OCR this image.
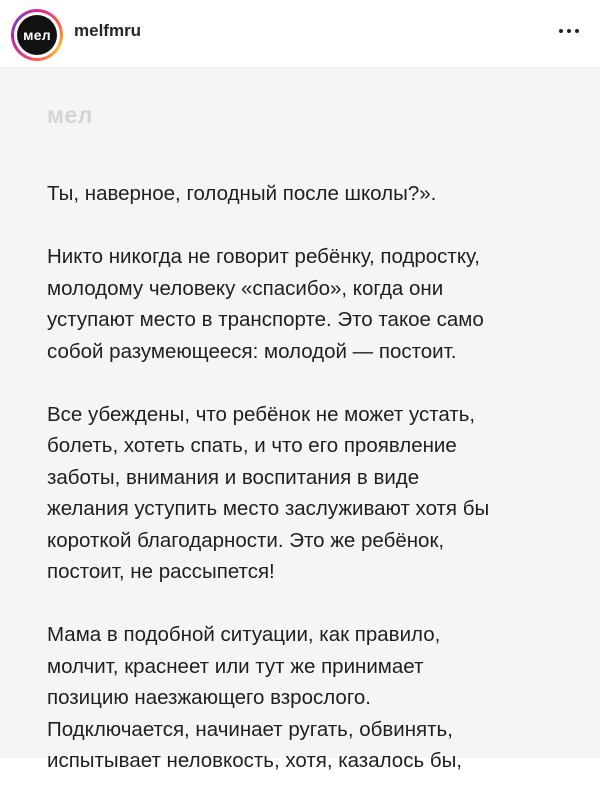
мел melfmru
мел

Ты, наверное, голодный после школы?».

Никто никогда не говорит ребёнку, подростку,
молодому человеку «спасибо», когда они
уступают место в транспорте. Это такое само
собой разумеющееся: молодой — постоит.

Все убеждены, что ребёнок не может устать,
болеть, хотеть спать, и что его проявление
заботы, внимания и воспитания в виде
желания уступить место заслуживают хотя бы
короткой благодарности. Это же ребёнок,
постоит, не рассыпется!

Мама в подобной ситуации, как правило,
молчит, краснеет или тут же принимает
позицию наезжающего взрослого.
Подключается, начинает ругать, обвинять,
испытывает неловкость, хотя, казалось бы,
